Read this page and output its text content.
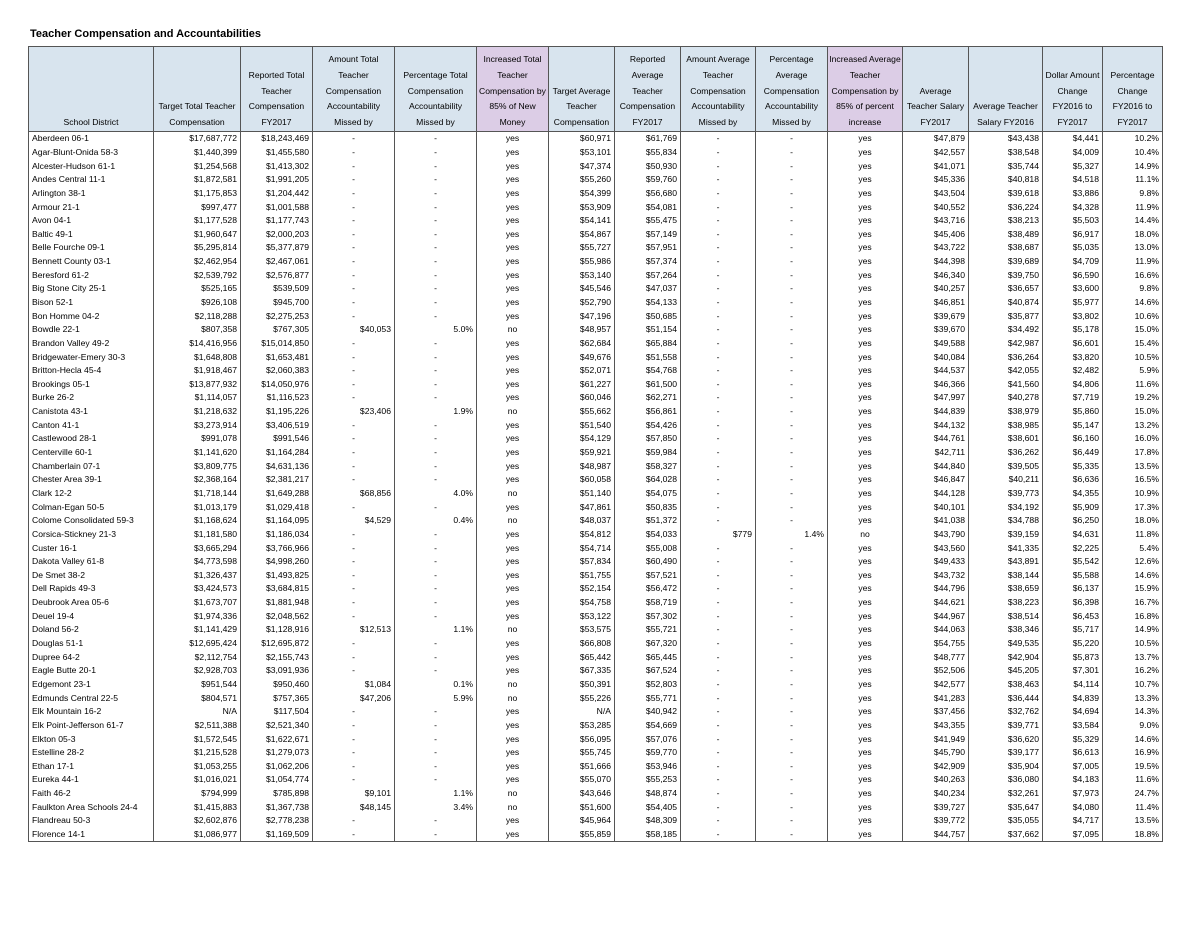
Teacher Compensation and Accountabilities
School District	Target Total Teacher Compensation	Reported Total Teacher Compensation FY2017	Amount Total Teacher Compensation Accountability Missed by	Percentage Total Compensation Accountability Missed by	Increased Total Teacher Compensation by 85% of New Money	Target Average Teacher Compensation	Reported Average Teacher Compensation FY2017	Amount Average Teacher Compensation Accountability Missed by	Percentage Average Compensation Accountability Missed by	Increased Average Teacher Compensation by 85% of percent increase	Average Teacher Salary FY2017	Average Teacher Salary FY2016	Dollar Amount Change FY2016 to FY2017	Percentage Change FY2016 to FY2017
Aberdeen 06-1	$17,687,772	$18,243,469	-	-	yes	$60,971	$61,769	-	-	yes	$47,879	$43,438	$4,441	10.2%
Agar-Blunt-Onida 58-3	$1,440,399	$1,455,580	-	-	yes	$53,101	$55,834	-	-	yes	$42,557	$38,548	$4,009	10.4%
Alcester-Hudson 61-1	$1,254,568	$1,413,302	-	-	yes	$47,374	$50,930	-	-	yes	$41,071	$35,744	$5,327	14.9%
Andes Central 11-1	$1,872,581	$1,991,205	-	-	yes	$55,260	$59,760	-	-	yes	$45,336	$40,818	$4,518	11.1%
Arlington 38-1	$1,175,853	$1,204,442	-	-	yes	$54,399	$56,680	-	-	yes	$43,504	$39,618	$3,886	9.8%
Armour 21-1	$997,477	$1,001,588	-	-	yes	$53,909	$54,081	-	-	yes	$40,552	$36,224	$4,328	11.9%
Avon 04-1	$1,177,528	$1,177,743	-	-	yes	$54,141	$55,475	-	-	yes	$43,716	$38,213	$5,503	14.4%
Baltic 49-1	$1,960,647	$2,000,203	-	-	yes	$54,867	$57,149	-	-	yes	$45,406	$38,489	$6,917	18.0%
Belle Fourche 09-1	$5,295,814	$5,377,879	-	-	yes	$55,727	$57,951	-	-	yes	$43,722	$38,687	$5,035	13.0%
Bennett County 03-1	$2,462,954	$2,467,061	-	-	yes	$55,986	$57,374	-	-	yes	$44,398	$39,689	$4,709	11.9%
Beresford 61-2	$2,539,792	$2,576,877	-	-	yes	$53,140	$57,264	-	-	yes	$46,340	$39,750	$6,590	16.6%
Big Stone City 25-1	$525,165	$539,509	-	-	yes	$45,546	$47,037	-	-	yes	$40,257	$36,657	$3,600	9.8%
Bison 52-1	$926,108	$945,700	-	-	yes	$52,790	$54,133	-	-	yes	$46,851	$40,874	$5,977	14.6%
Bon Homme 04-2	$2,118,288	$2,275,253	-	-	yes	$47,196	$50,685	-	-	yes	$39,679	$35,877	$3,802	10.6%
Bowdle 22-1	$807,358	$767,305	$40,053	5.0%	no	$48,957	$51,154	-	-	yes	$39,670	$34,492	$5,178	15.0%
Brandon Valley 49-2	$14,416,956	$15,014,850	-	-	yes	$62,684	$65,884	-	-	yes	$49,588	$42,987	$6,601	15.4%
Bridgewater-Emery 30-3	$1,648,808	$1,653,481	-	-	yes	$49,676	$51,558	-	-	yes	$40,084	$36,264	$3,820	10.5%
Britton-Hecla 45-4	$1,918,467	$2,060,383	-	-	yes	$52,071	$54,768	-	-	yes	$44,537	$42,055	$2,482	5.9%
Brookings 05-1	$13,877,932	$14,050,976	-	-	yes	$61,227	$61,500	-	-	yes	$46,366	$41,560	$4,806	11.6%
Burke 26-2	$1,114,057	$1,116,523	-	-	yes	$60,046	$62,271	-	-	yes	$47,997	$40,278	$7,719	19.2%
Canistota 43-1	$1,218,632	$1,195,226	$23,406	1.9%	no	$55,662	$56,861	-	-	yes	$44,839	$38,979	$5,860	15.0%
Canton 41-1	$3,273,914	$3,406,519	-	-	yes	$51,540	$54,426	-	-	yes	$44,132	$38,985	$5,147	13.2%
Castlewood 28-1	$991,078	$991,546	-	-	yes	$54,129	$57,850	-	-	yes	$44,761	$38,601	$6,160	16.0%
Centerville 60-1	$1,141,620	$1,164,284	-	-	yes	$59,921	$59,984	-	-	yes	$42,711	$36,262	$6,449	17.8%
Chamberlain 07-1	$3,809,775	$4,631,136	-	-	yes	$48,987	$58,327	-	-	yes	$44,840	$39,505	$5,335	13.5%
Chester Area 39-1	$2,368,164	$2,381,217	-	-	yes	$60,058	$64,028	-	-	yes	$46,847	$40,211	$6,636	16.5%
Clark 12-2	$1,718,144	$1,649,288	$68,856	4.0%	no	$51,140	$54,075	-	-	yes	$44,128	$39,773	$4,355	10.9%
Colman-Egan 50-5	$1,013,179	$1,029,418	-	-	yes	$47,861	$50,835	-	-	yes	$40,101	$34,192	$5,909	17.3%
Colome Consolidated 59-3	$1,168,624	$1,164,095	$4,529	0.4%	no	$48,037	$51,372	-	-	yes	$41,038	$34,788	$6,250	18.0%
Corsica-Stickney 21-3	$1,181,580	$1,186,034	-	-	yes	$54,812	$54,033	$779	1.4%	no	$43,790	$39,159	$4,631	11.8%
Custer 16-1	$3,665,294	$3,766,966	-	-	yes	$54,714	$55,008	-	-	yes	$43,560	$41,335	$2,225	5.4%
Dakota Valley 61-8	$4,773,598	$4,998,260	-	-	yes	$57,834	$60,490	-	-	yes	$49,433	$43,891	$5,542	12.6%
De Smet 38-2	$1,326,437	$1,493,825	-	-	yes	$51,755	$57,521	-	-	yes	$43,732	$38,144	$5,588	14.6%
Dell Rapids 49-3	$3,424,573	$3,684,815	-	-	yes	$52,154	$56,472	-	-	yes	$44,796	$38,659	$6,137	15.9%
Deubrook Area 05-6	$1,673,707	$1,881,948	-	-	yes	$54,758	$58,719	-	-	yes	$44,621	$38,223	$6,398	16.7%
Deuel 19-4	$1,974,336	$2,048,562	-	-	yes	$53,122	$57,302	-	-	yes	$44,967	$38,514	$6,453	16.8%
Doland 56-2	$1,141,429	$1,128,916	$12,513	1.1%	no	$53,575	$55,721	-	-	yes	$44,063	$38,346	$5,717	14.9%
Douglas 51-1	$12,695,424	$12,695,872	-	-	yes	$66,808	$67,320	-	-	yes	$54,755	$49,535	$5,220	10.5%
Dupree 64-2	$2,112,754	$2,155,743	-	-	yes	$65,442	$65,445	-	-	yes	$48,777	$42,904	$5,873	13.7%
Eagle Butte 20-1	$2,928,703	$3,091,936	-	-	yes	$67,335	$67,524	-	-	yes	$52,506	$45,205	$7,301	16.2%
Edgemont 23-1	$951,544	$950,460	$1,084	0.1%	no	$50,391	$52,803	-	-	yes	$42,577	$38,463	$4,114	10.7%
Edmunds Central 22-5	$804,571	$757,365	$47,206	5.9%	no	$55,226	$55,771	-	-	yes	$41,283	$36,444	$4,839	13.3%
Elk Mountain 16-2	N/A	$117,504	-	-	yes	N/A	$40,942	-	-	yes	$37,456	$32,762	$4,694	14.3%
Elk Point-Jefferson 61-7	$2,511,388	$2,521,340	-	-	yes	$53,285	$54,669	-	-	yes	$43,355	$39,771	$3,584	9.0%
Elkton 05-3	$1,572,545	$1,622,671	-	-	yes	$56,095	$57,076	-	-	yes	$41,949	$36,620	$5,329	14.6%
Estelline 28-2	$1,215,528	$1,279,073	-	-	yes	$55,745	$59,770	-	-	yes	$45,790	$39,177	$6,613	16.9%
Ethan 17-1	$1,053,255	$1,062,206	-	-	yes	$51,666	$53,946	-	-	yes	$42,909	$35,904	$7,005	19.5%
Eureka 44-1	$1,016,021	$1,054,774	-	-	yes	$55,070	$55,253	-	-	yes	$40,263	$36,080	$4,183	11.6%
Faith 46-2	$794,999	$785,898	$9,101	1.1%	no	$43,646	$48,874	-	-	yes	$40,234	$32,261	$7,973	24.7%
Faulkton Area Schools 24-4	$1,415,883	$1,367,738	$48,145	3.4%	no	$51,600	$54,405	-	-	yes	$39,727	$35,647	$4,080	11.4%
Flandreau 50-3	$2,602,876	$2,778,238	-	-	yes	$45,964	$48,309	-	-	yes	$39,772	$35,055	$4,717	13.5%
Florence 14-1	$1,086,977	$1,169,509	-	-	yes	$55,859	$58,185	-	-	yes	$44,757	$37,662	$7,095	18.8%
